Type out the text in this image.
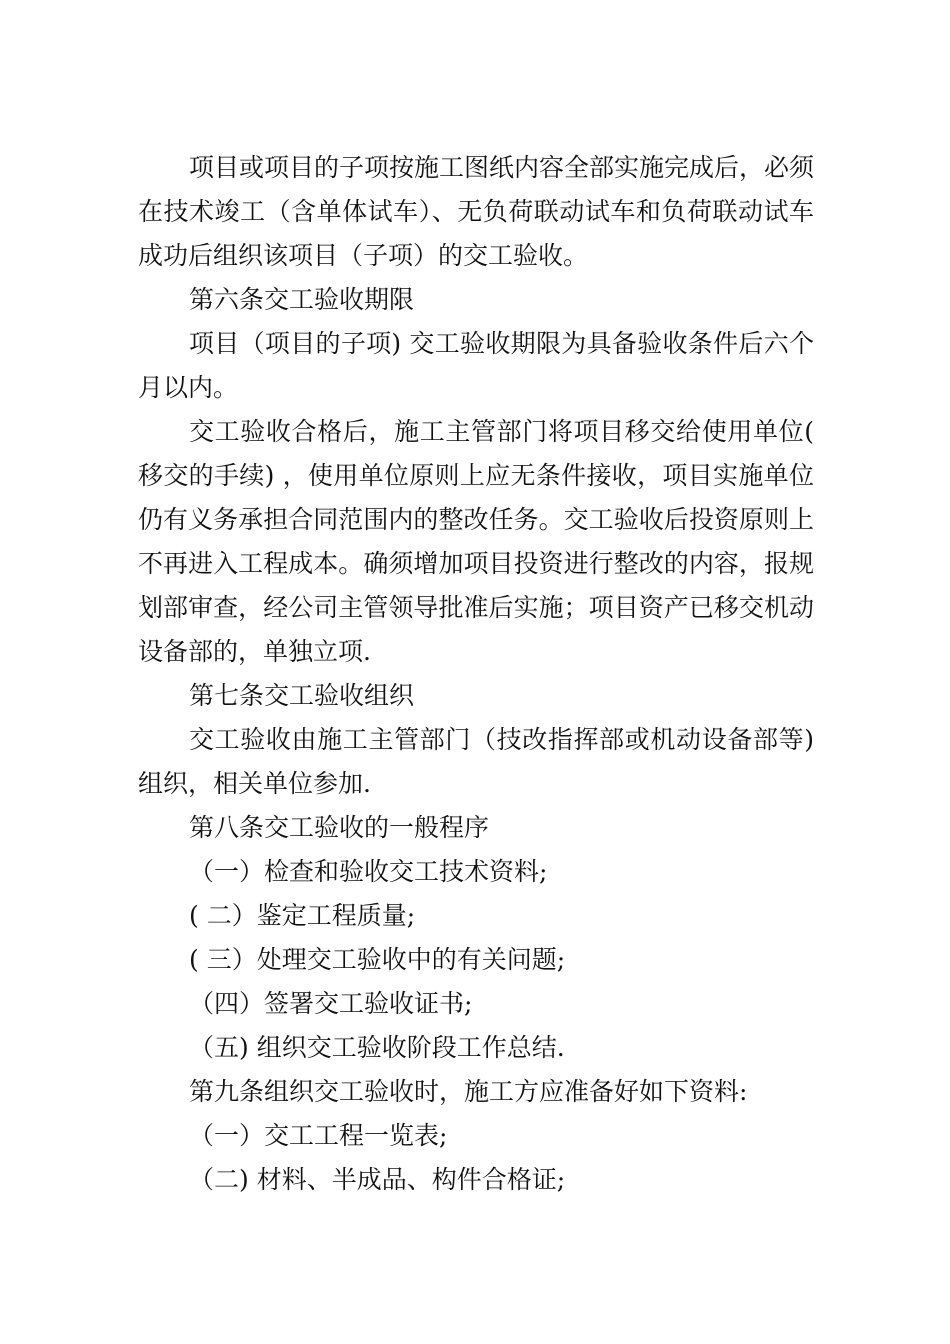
项目或项目的子项按施工图纸内容全部实施完成后，必须在技术竣工（含单体试车）、无负荷联动试车和负荷联动试车成功后组织该项目（子项）的交工验收。

第六条交工验收期限

项目（项目的子项) 交工验收期限为具备验收条件后六个月以内。

交工验收合格后，施工主管部门将项目移交给使用单位( 移交的手续) ，使用单位原则上应无条件接收，项目实施单位仍有义务承担合同范围内的整改任务。交工验收后投资原则上不再进入工程成本。确须增加项目投资进行整改的内容，报规划部审查，经公司主管领导批准后实施；项目资产已移交机动设备部的，单独立项.

第七条交工验收组织

交工验收由施工主管部门（技改指挥部或机动设备部等) 组织，相关单位参加.

第八条交工验收的一般程序

（一）检查和验收交工技术资料;

( 二）鉴定工程质量;

( 三）处理交工验收中的有关问题;

（四）签署交工验收证书;

（五) 组织交工验收阶段工作总结.

第九条组织交工验收时，施工方应准备好如下资料:

（一）交工工程一览表;

（二) 材料、半成品、构件合格证;
